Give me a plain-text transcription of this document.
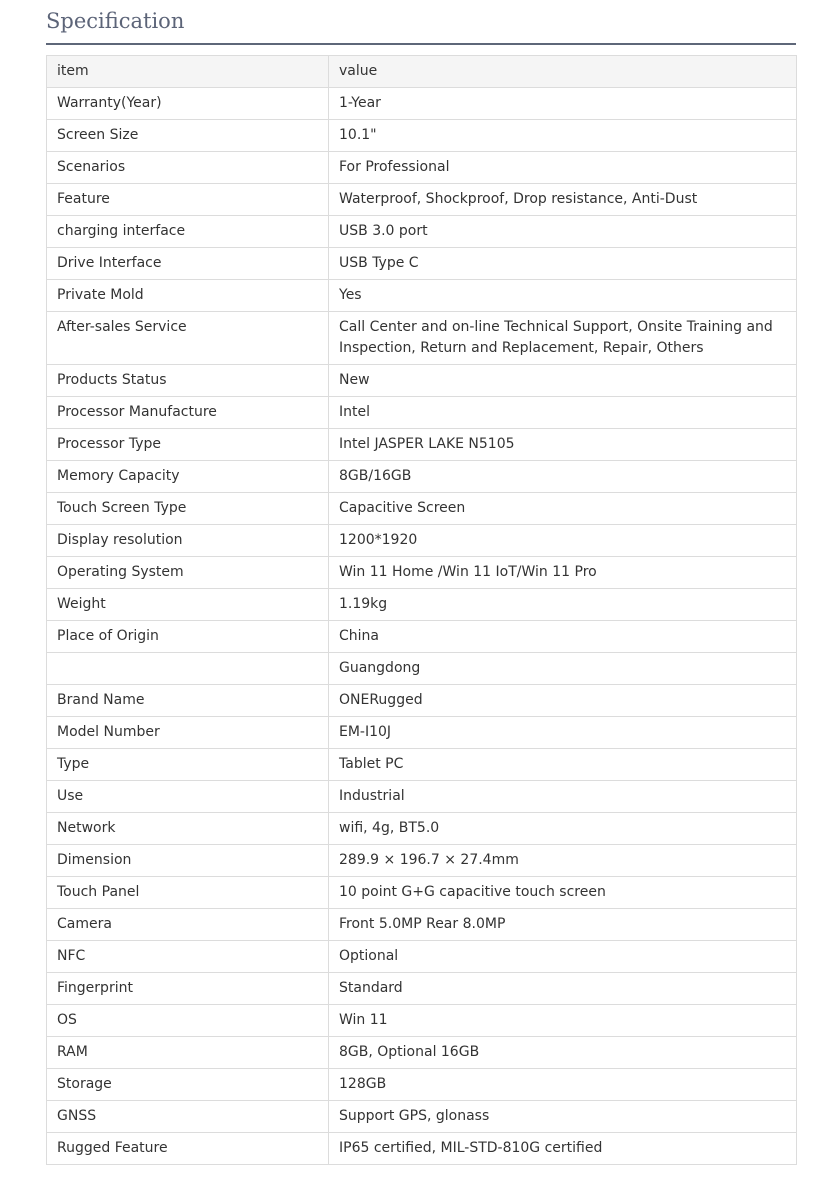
Specification
item	value
Warranty(Year)	1-Year
Screen Size	10.1"
Scenarios	For Professional
Feature	Waterproof, Shockproof, Drop resistance, Anti-Dust
charging interface	USB 3.0 port
Drive Interface	USB Type C
Private Mold	Yes
After-sales Service	Call Center and on-line Technical Support, Onsite Training and Inspection, Return and Replacement, Repair, Others
Products Status	New
Processor Manufacture	Intel
Processor Type	Intel JASPER LAKE N5105
Memory Capacity	8GB/16GB
Touch Screen Type	Capacitive Screen
Display resolution	1200*1920
Operating System	Win 11 Home /Win 11 IoT/Win 11 Pro
Weight	1.19kg
Place of Origin	China
	Guangdong
Brand Name	ONERugged
Model Number	EM-I10J
Type	Tablet PC
Use	Industrial
Network	wifi, 4g, BT5.0
Dimension	289.9 × 196.7 × 27.4mm
Touch Panel	10 point G+G capacitive touch screen
Camera	Front 5.0MP Rear 8.0MP
NFC	Optional
Fingerprint	Standard
OS	Win 11
RAM	8GB, Optional 16GB
Storage	128GB
GNSS	Support GPS, glonass
Rugged Feature	IP65 certified, MIL-STD-810G certified
